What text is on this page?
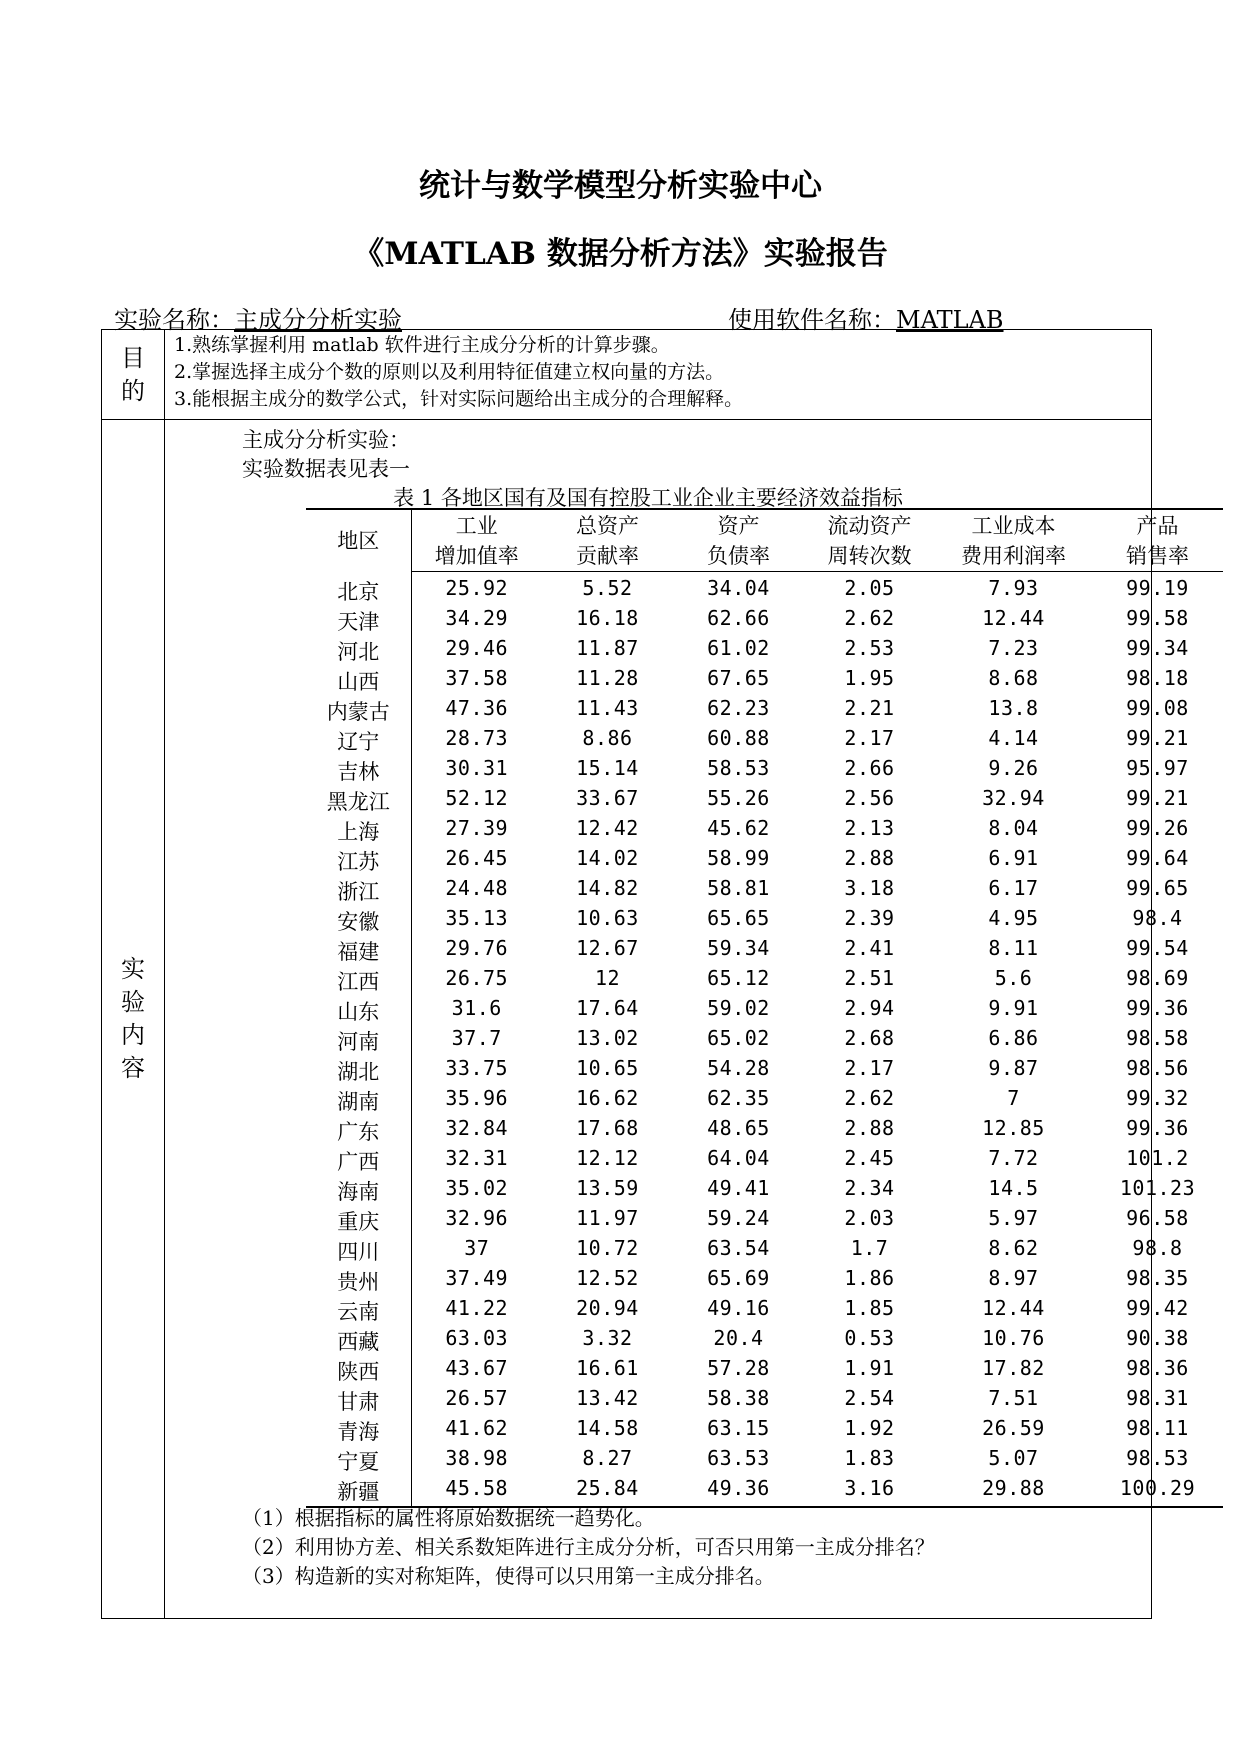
统计与数学模型分析实验中心
《MATLAB 数据分析方法》实验报告
实验名称：主成分分析实验	使用软件名称：MATLAB
目
的

1.熟练掌握利用 matlab 软件进行主成分分析的计算步骤。
2.掌握选择主成分个数的原则以及利用特征值建立权向量的方法。
3.能根据主成分的数学公式，针对实际问题给出主成分的合理解释。

实
验
内
容

主成分分析实验：
实验数据表见表一
表 1 各地区国有及国有控股工业企业主要经济效益指标
地区	工业	总资产	资产	流动资产	工业成本	产品
增加值率	贡献率	负债率	周转次数	费用利润率	销售率
北京	25.92	5.52	34.04	2.05	7.93	99.19
天津	34.29	16.18	62.66	2.62	12.44	99.58
河北	29.46	11.87	61.02	2.53	7.23	99.34
山西	37.58	11.28	67.65	1.95	8.68	98.18
内蒙古	47.36	11.43	62.23	2.21	13.8	99.08
辽宁	28.73	8.86	60.88	2.17	4.14	99.21
吉林	30.31	15.14	58.53	2.66	9.26	95.97
黑龙江	52.12	33.67	55.26	2.56	32.94	99.21
上海	27.39	12.42	45.62	2.13	8.04	99.26
江苏	26.45	14.02	58.99	2.88	6.91	99.64
浙江	24.48	14.82	58.81	3.18	6.17	99.65
安徽	35.13	10.63	65.65	2.39	4.95	98.4
福建	29.76	12.67	59.34	2.41	8.11	99.54
江西	26.75	12	65.12	2.51	5.6	98.69
山东	31.6	17.64	59.02	2.94	9.91	99.36
河南	37.7	13.02	65.02	2.68	6.86	98.58
湖北	33.75	10.65	54.28	2.17	9.87	98.56
湖南	35.96	16.62	62.35	2.62	7	99.32
广东	32.84	17.68	48.65	2.88	12.85	99.36
广西	32.31	12.12	64.04	2.45	7.72	101.2
海南	35.02	13.59	49.41	2.34	14.5	101.23
重庆	32.96	11.97	59.24	2.03	5.97	96.58
四川	37	10.72	63.54	1.7	8.62	98.8
贵州	37.49	12.52	65.69	1.86	8.97	98.35
云南	41.22	20.94	49.16	1.85	12.44	99.42
西藏	63.03	3.32	20.4	0.53	10.76	90.38
陕西	43.67	16.61	57.28	1.91	17.82	98.36
甘肃	26.57	13.42	58.38	2.54	7.51	98.31
青海	41.62	14.58	63.15	1.92	26.59	98.11
宁夏	38.98	8.27	63.53	1.83	5.07	98.53
新疆	45.58	25.84	49.36	3.16	29.88	100.29
（1）根据指标的属性将原始数据统一趋势化。
（2）利用协方差、相关系数矩阵进行主成分分析，可否只用第一主成分排名？
（3）构造新的实对称矩阵，使得可以只用第一主成分排名。
